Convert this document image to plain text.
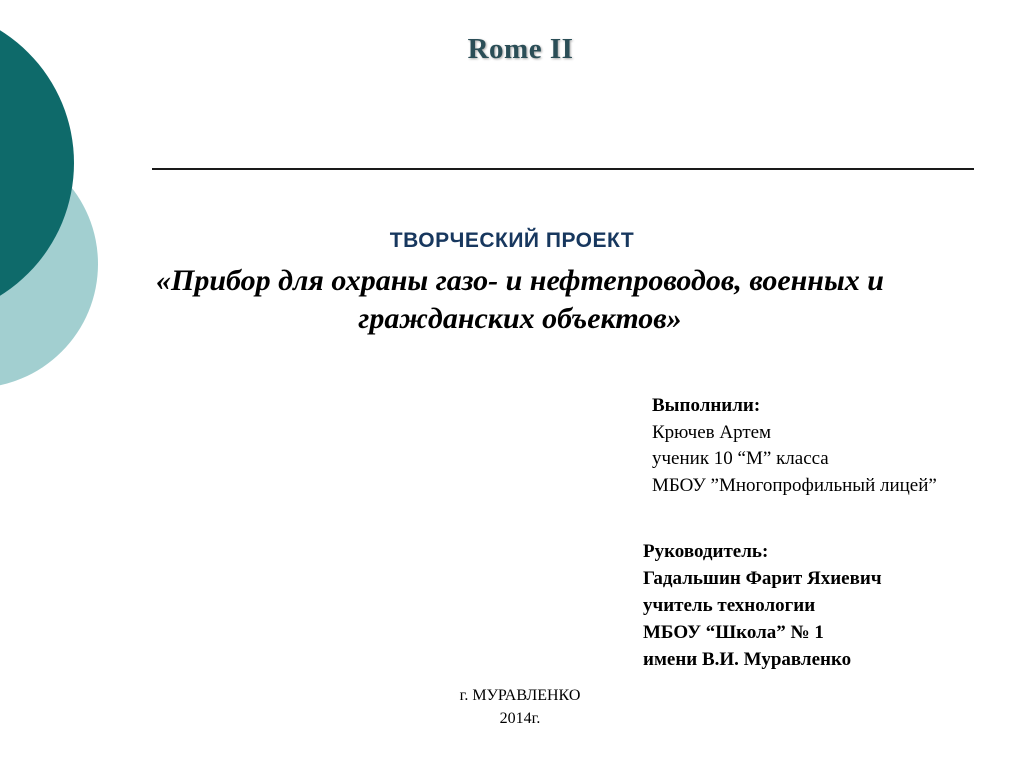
Rome II
ТВОРЧЕСКИЙ ПРОЕКТ
«Прибор для охраны газо- и нефтепроводов, военных и гражданских объектов»
Выполнили:
Крючев Артем
ученик 10 “М” класса
МБОУ ”Многопрофильный лицей”
Руководитель:
Гадальшин Фарит Яхиевич
учитель технологии
МБОУ “Школа” № 1
имени В.И. Муравленко
г. МУРАВЛЕНКО
2014г.
